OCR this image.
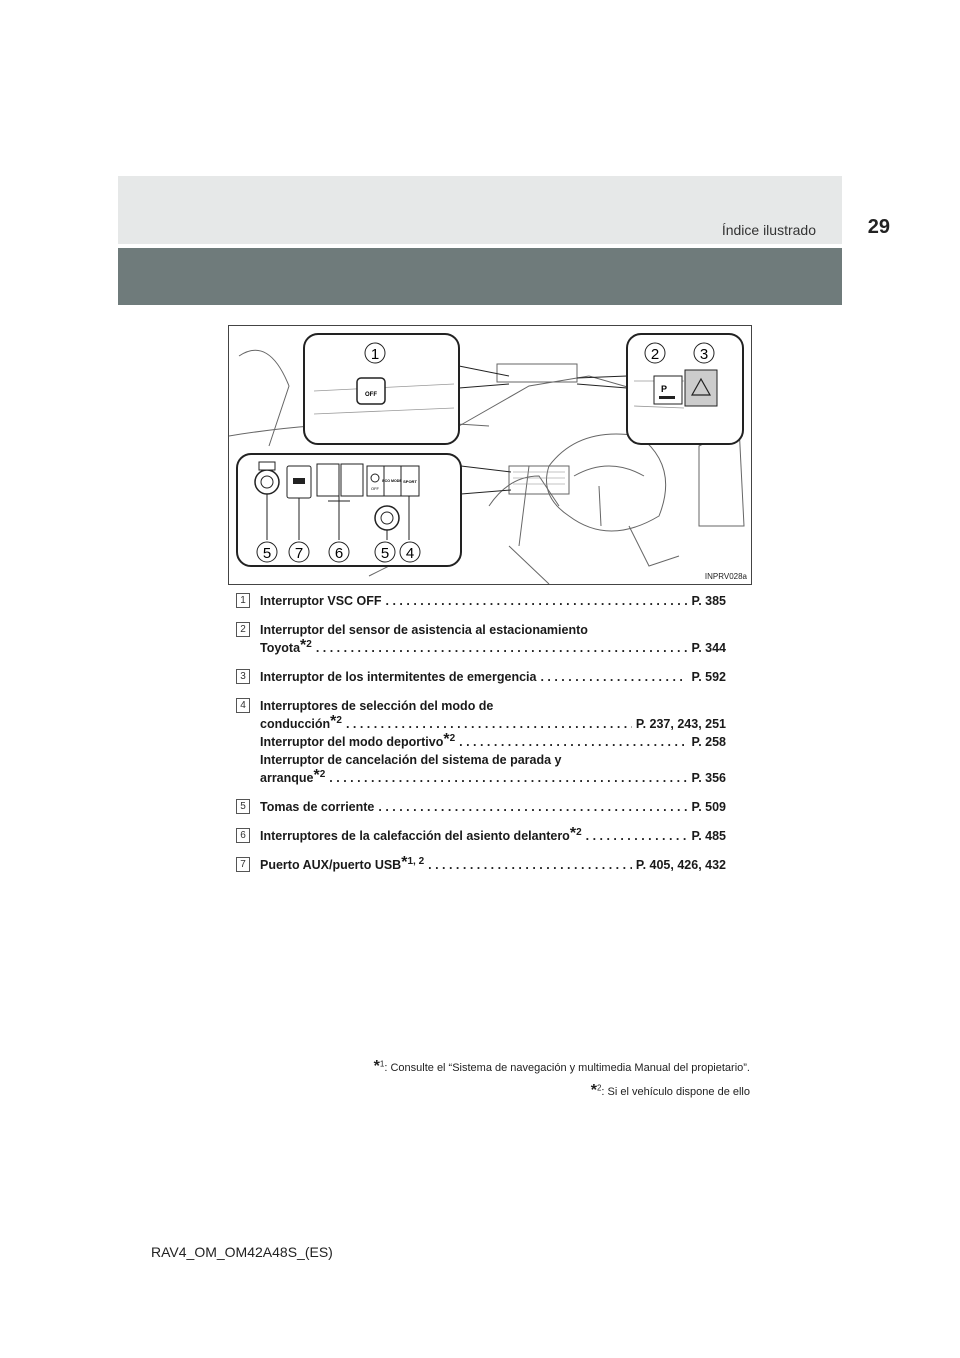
Índice ilustrado	29
OFF
1
P
2	3
OFF
ECO MODE SPORT
5 7 6	5 4
INPRV028a
1	Interruptor VSC OFF . . .	P. 385
2	Interruptor del sensor de asistencia al estacionamiento
Toyota$^{*2}$ . . .	P. 344
3	Interruptor de los intermitentes de emergencia . . .	P. 592
4	Interruptores de selección del modo de
conducción$^{*2}$ . . .	P. 237, 243, 251
Interruptor del modo deportivo$^{*2}$ . . .	P. 258
Interruptor de cancelación del sistema de parada y
arranque$^{*2}$ . . .	P. 356
5	Tomas de corriente . . .	P. 509
6	Interruptores de la calefacción del asiento delantero$^{*2}$ . . .	P. 485
7	Puerto AUX/puerto USB$^{*1, 2}$ . . .	P. 405, 426, 432
*$^1$: Consulte el “Sistema de navegación y multimedia Manual del propietario”.
*$^2$: Si el vehículo dispone de ello
RAV4_OM_OM42A48S_(ES)
